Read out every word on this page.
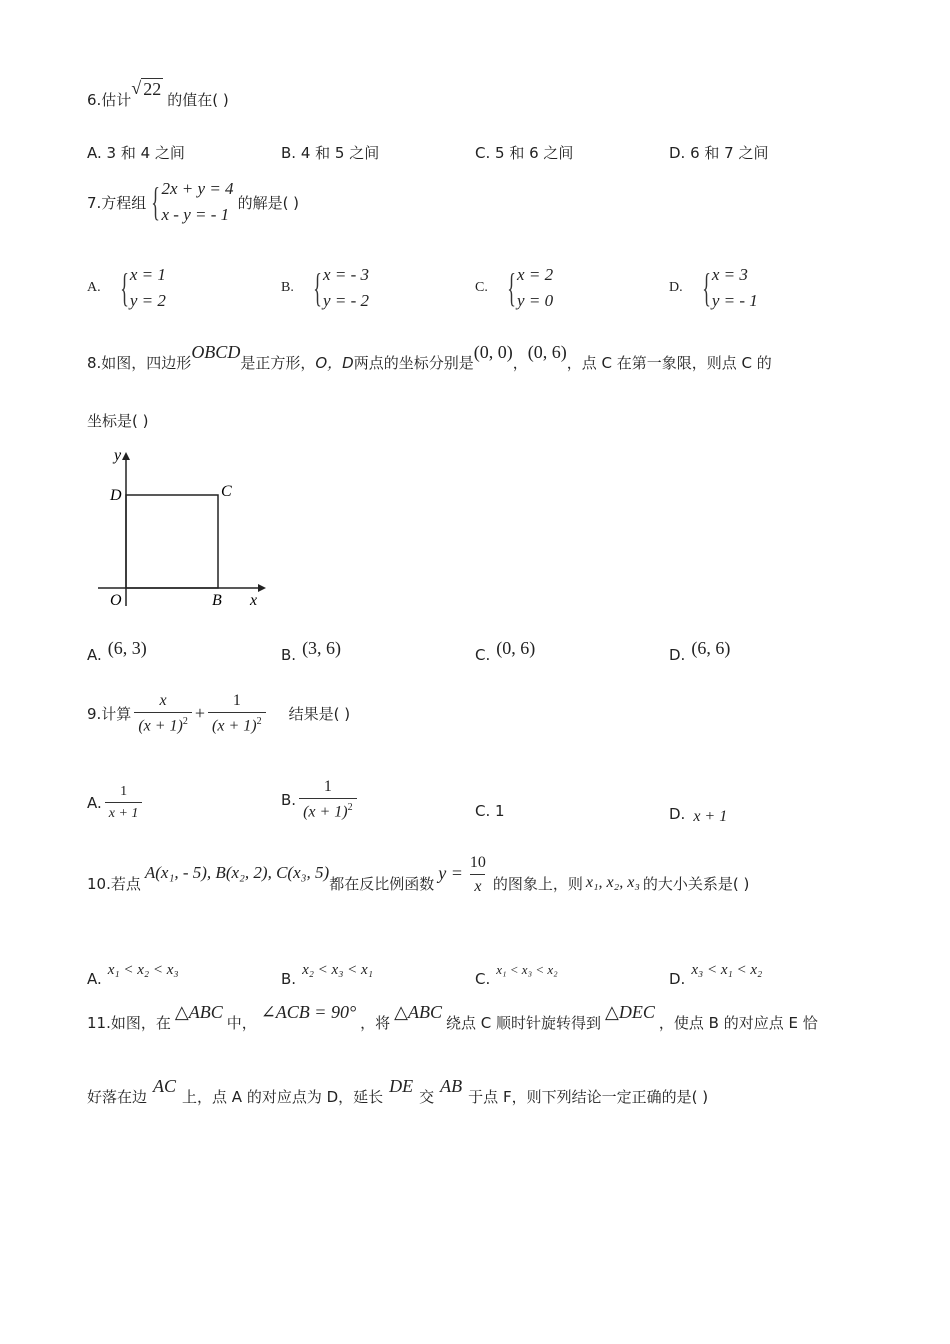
6.估计
√ 22
的值在( )
A. 3 和 4 之间	B. 4 和 5 之间	C. 5 和 6 之间	D. 6 和 7 之间
7.方程组 { 2x + y = 4
x - y = - 1
的解是( )
A. { x = 1
y = 2
B. { x = - 3
y = - 2
C. { x = 2
y = 0
D. { x = 3
y = - 1
8.如图，四边形
OBCD
是正方形， O，D 两点的坐标分别是
(0, 0)
，
(0, 6)
，点 C 在第一象限，则点 C 的
坐标是( )
y
D	C
O	B x
A. (6, 3)	B. (3, 6)	C. (0, 6)	D. (6, 6)
9.计算 $\frac{x}{(x + 1)^2} + \frac{1}{(x + 1)^2}$ 结果是( )
A. $\frac{1}{x + 1}$	B. $\frac{1}{(x + 1)^2}$	C. 1	D. x + 1
10.若点
A(x₁, - 5), B(x₂, 2), C(x₃, 5)
都在反比例函数
$y = \frac{10}{x}$ 的图象上，则 x₁, x₂, x₃ 的大小关系是( )
A.
x₁ < x₂ < x₃
B.
x₂ < x₃ < x₁
C.
x₁ < x₃ < x₂
D.
x₃ < x₁ < x₂
11.如图，在
△ABC
中，
∠ACB = 90°
，将
△ABC
绕点 C 顺时针旋转得到
△DEC
，使点 B 的对应点 E 恰
好落在边
AC
上，点 A 的对应点为 D，延长
DE
交
AB
于点 F，则下列结论一定正确的是( )
